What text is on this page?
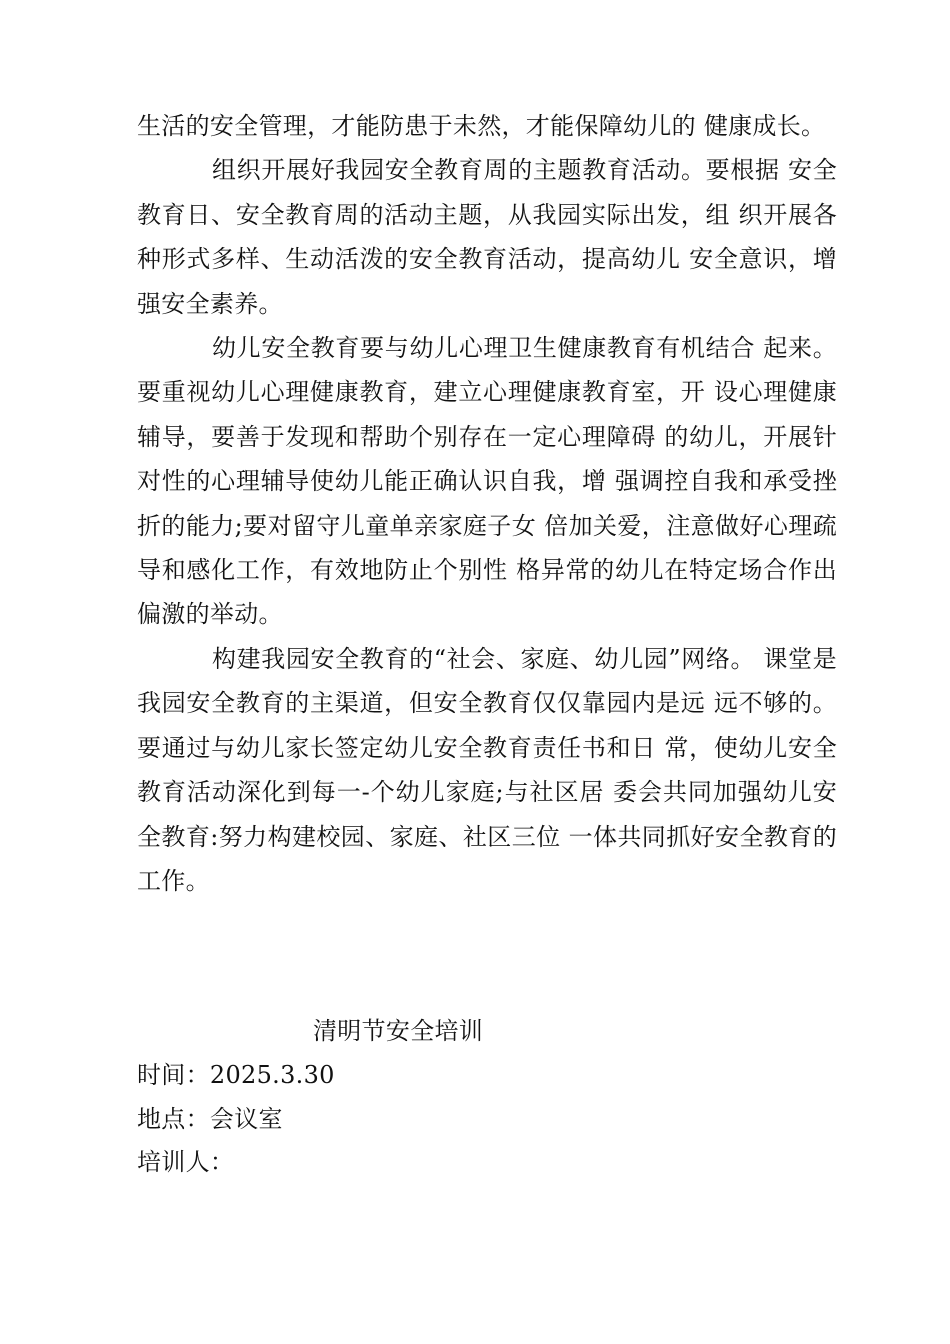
生活的安全管理，才能防患于未然，才能保障幼儿的 健康成长。

组织开展好我园安全教育周的主题教育活动。要根据 安全教育日、安全教育周的活动主题，从我园实际出发，组 织开展各种形式多样、生动活泼的安全教育活动，提高幼儿 安全意识，增强安全素养。

幼儿安全教育要与幼儿心理卫生健康教育有机结合 起来。要重视幼儿心理健康教育，建立心理健康教育室，开 设心理健康辅导，要善于发现和帮助个别存在一定心理障碍 的幼儿，开展针对性的心理辅导使幼儿能正确认识自我，增 强调控自我和承受挫折的能力;要对留守儿童单亲家庭子女 倍加关爱，注意做好心理疏导和感化工作，有效地防止个别性 格异常的幼儿在特定场合作出偏激的举动。

构建我园安全教育的“社会、家庭、幼儿园”网络。 课堂是我园安全教育的主渠道，但安全教育仅仅靠园内是远 远不够的。要通过与幼儿家长签定幼儿安全教育责任书和日 常，使幼儿安全教育活动深化到每一-个幼儿家庭;与社区居 委会共同加强幼儿安全教育:努力构建校园、家庭、社区三位 一体共同抓好安全教育的工作。

清明节安全培训
时间：2025.3.30
地点：会议室
培训人：
